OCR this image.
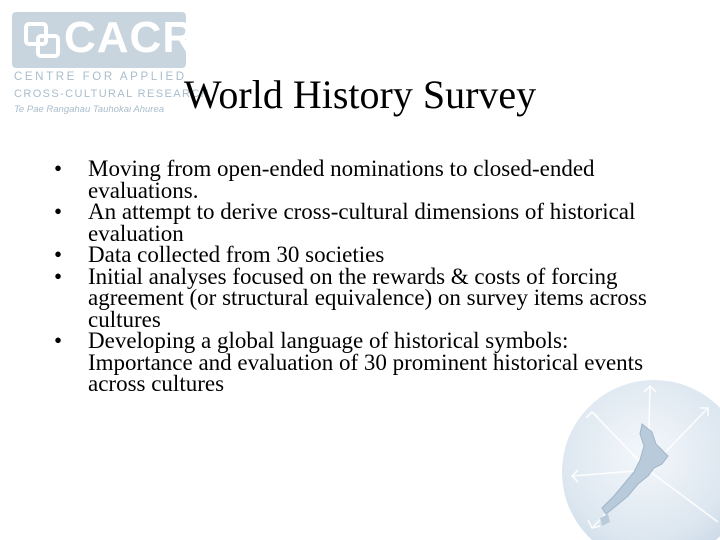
CACR
CENTRE FOR APPLIED
CROSS-CULTURAL RESEARCH
Te Pae Rangahau Tauhokai Ahurea World History Survey
• Moving from open-ended nominations to closed-ended evaluations.
• An attempt to derive cross-cultural dimensions of historical evaluation
• Data collected from 30 societies
• Initial analyses focused on the rewards & costs of forcing agreement (or structural equivalence) on survey items across cultures
• Developing a global language of historical symbols: Importance and evaluation of 30 prominent historical events across cultures
